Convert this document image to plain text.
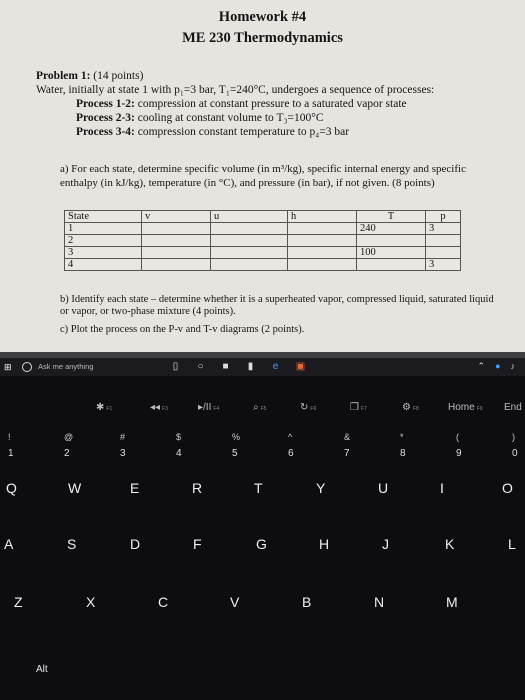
Homework #4
ME 230 Thermodynamics
Problem 1: (14 points)
Water, initially at state 1 with p₁=3 bar, T₁=240°C, undergoes a sequence of processes:
Process 1-2: compression at constant pressure to a saturated vapor state
Process 2-3: cooling at constant volume to T₃=100°C
Process 3-4: compression constant temperature to p₄=3 bar
a) For each state, determine specific volume (in m³/kg), specific internal energy and specific enthalpy (in kJ/kg), temperature (in °C), and pressure (in bar), if not given. (8 points)
State	v	u	h	T	p
1				240	3
2					
3				100	
4					3
b) Identify each state – determine whether it is a superheated vapor, compressed liquid, saturated liquid or vapor, or two-phase mixture (4 points).
c) Plot the process on the P-v and T-v diagrams (2 points).
⊞	Ask me anything	▯ ○ ■ ▮ e ▣	⌃ ● ♪
✱ F1	◂◂ F3	▸/II F4	⌕ F5	↻ F6	❐ F7	⚙ F8	Home F9 End
!	@	#	$	%	^	&	*	(	)
1	2	3	4	5	6	7	8	9	0
Q	W	E	R	T	Y	U	I	O
A	S	D	F	G	H	J	K	L
Z	X	C	V	B	N	M
Alt
